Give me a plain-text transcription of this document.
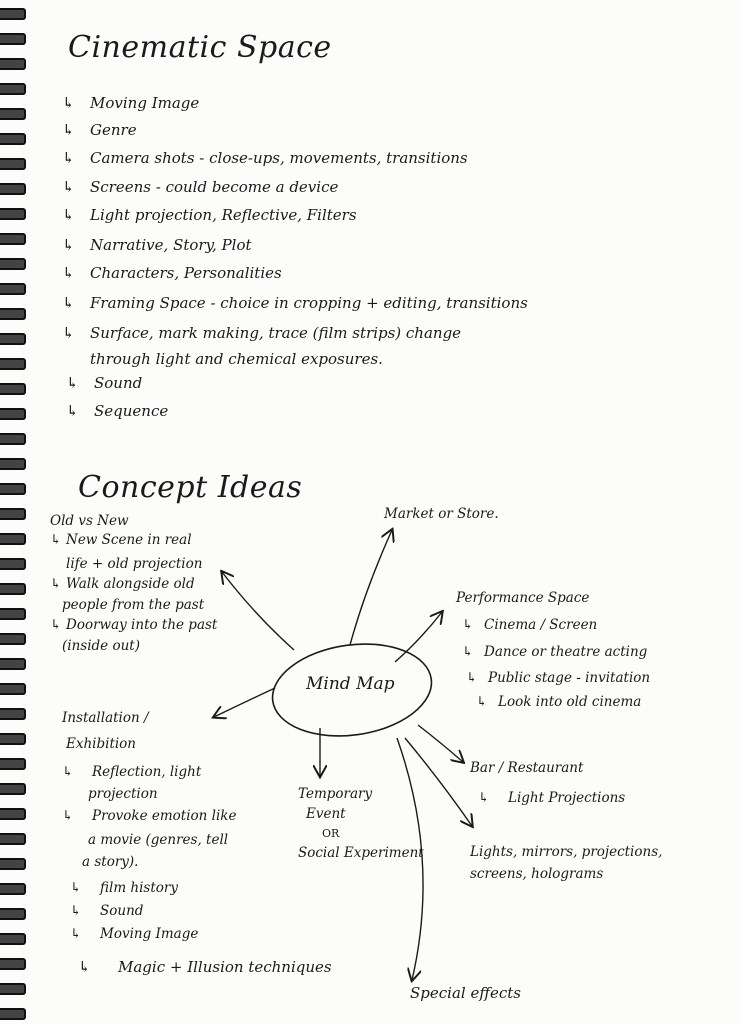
Cinematic Space
↳ Moving Image
↳ Genre
↳ Camera shots - close-ups, movements, transitions
↳ Screens - could become a device
↳ Light projection, Reflective, Filters
↳ Narrative, Story, Plot
↳ Characters, Personalities
↳ Framing Space - choice in cropping + editing, transitions
↳ Surface, mark making, trace (film strips) change
through light and chemical exposures.
↳ Sound
↳ Sequence
Concept Ideas
Old vs New
↳ New Scene in real
life + old projection
↳ Walk alongside old
people from the past
↳ Doorway into the past
(inside out)
Mind Map
Market or Store.
Performance Space
↳ Cinema / Screen
↳ Dance or theatre acting
↳ Public stage - invitation
↳ Look into old cinema
Installation /
Exhibition
↳ Reflection, light
projection
↳ Provoke emotion like
a movie (genres, tell
a story).
↳ film history
↳ Sound
↳ Moving Image
↳ Magic + Illusion techniques
Temporary
Event
OR
Social Experiment
Bar / Restaurant
↳ Light Projections
Lights, mirrors, projections,
screens, holograms
Special effects
